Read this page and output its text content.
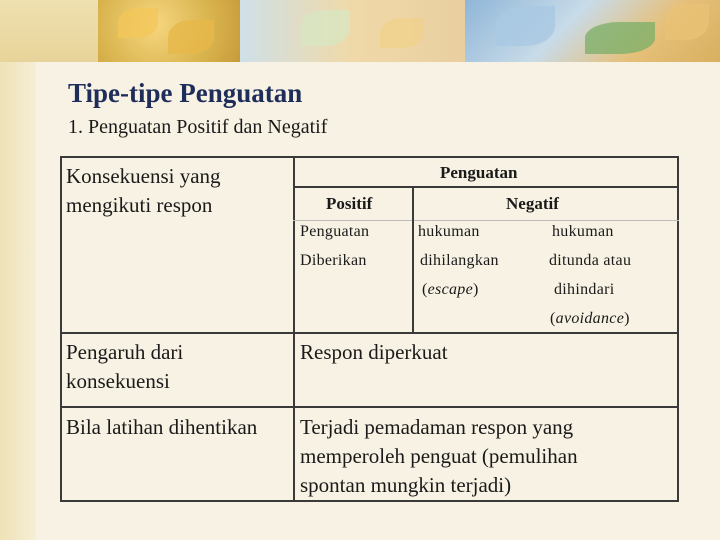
Tipe-tipe Penguatan
1. Penguatan Positif dan Negatif
Konsekuensi yang
mengikuti respon
Penguatan
Positif	Negatif
Penguatan
Diberikan
hukuman
dihilangkan
(escape)
hukuman
ditunda atau
dihindari
(avoidance)
Pengaruh dari
konsekuensi
Respon diperkuat
Bila latihan dihentikan Terjadi pemadaman respon yang
memperoleh penguat (pemulihan
spontan mungkin terjadi)
